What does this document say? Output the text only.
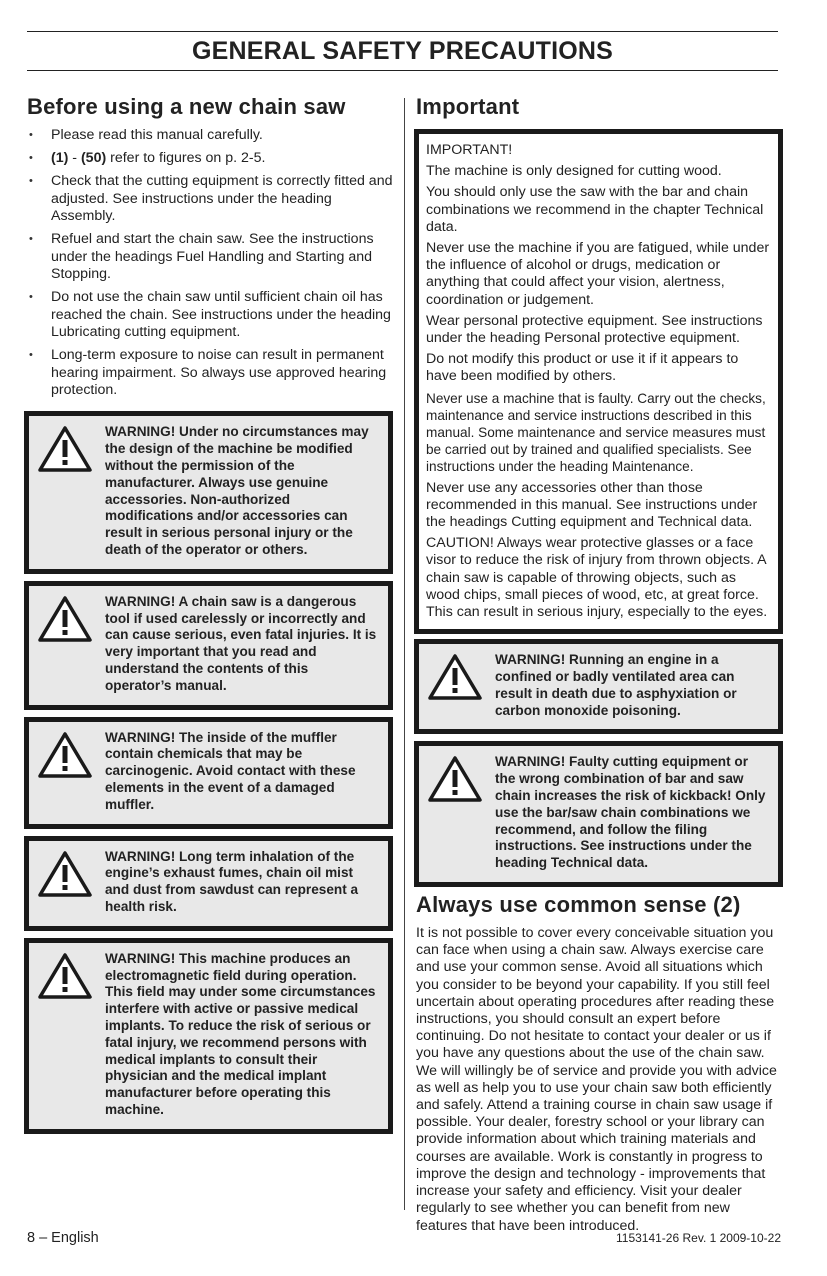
GENERAL SAFETY PRECAUTIONS
Before using a new chain saw
• Please read this manual carefully.
• (1) - (50) refer to figures on p. 2-5.
• Check that the cutting equipment is correctly fitted and adjusted. See instructions under the heading Assembly.
• Refuel and start the chain saw. See the instructions under the headings Fuel Handling and Starting and Stopping.
• Do not use the chain saw until sufficient chain oil has reached the chain. See instructions under the heading Lubricating cutting equipment.
• Long-term exposure to noise can result in permanent hearing impairment. So always use approved hearing protection.
WARNING! Under no circumstances may the design of the machine be modified without the permission of the manufacturer. Always use genuine accessories. Non-authorized modifications and/or accessories can result in serious personal injury or the death of the operator or others.
WARNING! A chain saw is a dangerous tool if used carelessly or incorrectly and can cause serious, even fatal injuries. It is very important that you read and understand the contents of this operator’s manual.
WARNING! The inside of the muffler contain chemicals that may be carcinogenic. Avoid contact with these elements in the event of a damaged muffler.
WARNING! Long term inhalation of the engine’s exhaust fumes, chain oil mist and dust from sawdust can represent a health risk.
WARNING! This machine produces an electromagnetic field during operation. This field may under some circumstances interfere with active or passive medical implants. To reduce the risk of serious or fatal injury, we recommend persons with medical implants to consult their physician and the medical implant manufacturer before operating this machine.
Important

IMPORTANT!

The machine is only designed for cutting wood.

You should only use the saw with the bar and chain combinations we recommend in the chapter Technical data.

Never use the machine if you are fatigued, while under the influence of alcohol or drugs, medication or anything that could affect your vision, alertness, coordination or judgement.

Wear personal protective equipment. See instructions under the heading Personal protective equipment.

Do not modify this product or use it if it appears to have been modified by others.

Never use a machine that is faulty. Carry out the checks, maintenance and service instructions described in this manual. Some maintenance and service measures must be carried out by trained and qualified specialists. See instructions under the heading Maintenance.

Never use any accessories other than those recommended in this manual. See instructions under the headings Cutting equipment and Technical data.

CAUTION! Always wear protective glasses or a face visor to reduce the risk of injury from thrown objects. A chain saw is capable of throwing objects, such as wood chips, small pieces of wood, etc, at great force. This can result in serious injury, especially to the eyes.

WARNING! Running an engine in a confined or badly ventilated area can result in death due to asphyxiation or carbon monoxide poisoning.
WARNING! Faulty cutting equipment or the wrong combination of bar and saw chain increases the risk of kickback! Only use the bar/saw chain combinations we recommend, and follow the filing instructions. See instructions under the heading Technical data.
Always use common sense (2)

It is not possible to cover every conceivable situation you can face when using a chain saw. Always exercise care and use your common sense. Avoid all situations which you consider to be beyond your capability. If you still feel uncertain about operating procedures after reading these instructions, you should consult an expert before continuing. Do not hesitate to contact your dealer or us if you have any questions about the use of the chain saw. We will willingly be of service and provide you with advice as well as help you to use your chain saw both efficiently and safely. Attend a training course in chain saw usage if possible. Your dealer, forestry school or your library can provide information about which training materials and courses are available. Work is constantly in progress to improve the design and technology - improvements that increase your safety and efficiency. Visit your dealer regularly to see whether you can benefit from new features that have been introduced.

8 – English	1153141-26 Rev. 1 2009-10-22
